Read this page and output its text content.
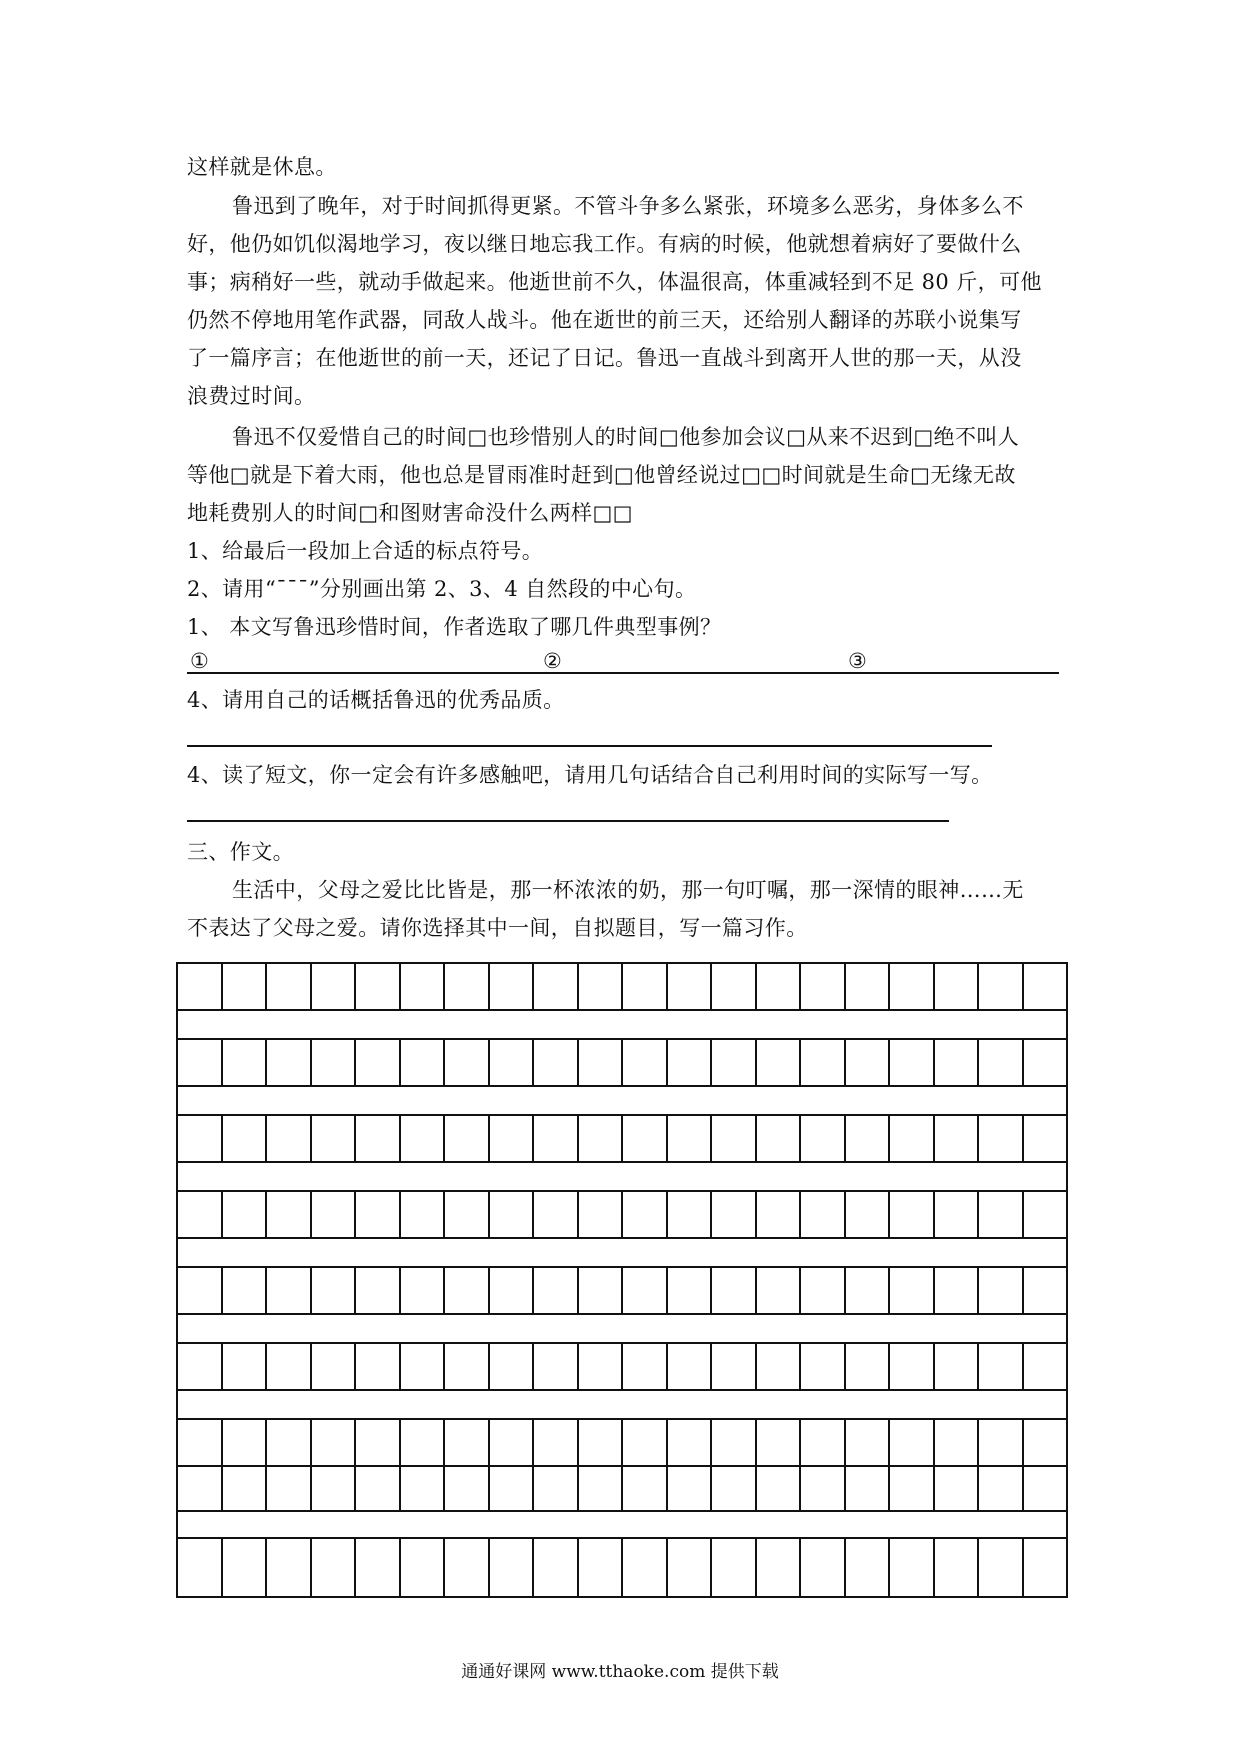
这样就是休息。
鲁迅到了晚年，对于时间抓得更紧。不管斗争多么紧张，环境多么恶劣，身体多么不
好，他仍如饥似渴地学习，夜以继日地忘我工作。有病的时候，他就想着病好了要做什么
事；病稍好一些，就动手做起来。他逝世前不久，体温很高，体重减轻到不足 80 斤，可他
仍然不停地用笔作武器，同敌人战斗。他在逝世的前三天，还给别人翻译的苏联小说集写
了一篇序言；在他逝世的前一天，还记了日记。鲁迅一直战斗到离开人世的那一天，从没
浪费过时间。
鲁迅不仅爱惜自己的时间□也珍惜别人的时间□他参加会议□从来不迟到□绝不叫人
等他□就是下着大雨，他也总是冒雨准时赶到□他曾经说过□□时间就是生命□无缘无故
地耗费别人的时间□和图财害命没什么两样□□
1、给最后一段加上合适的标点符号。
2、请用“ˉˉˉ”分别画出第 2、3、4 自然段的中心句。
1、 本文写鲁迅珍惜时间，作者选取了哪几件典型事例？
①	②	③
4、请用自己的话概括鲁迅的优秀品质。
4、读了短文，你一定会有许多感触吧，请用几句话结合自己利用时间的实际写一写。
三、作文。
生活中，父母之爱比比皆是，那一杯浓浓的奶，那一句叮嘱，那一深情的眼神……无
不表达了父母之爱。请你选择其中一间，自拟题目，写一篇习作。
通通好课网 www.tthaoke.com 提供下载
